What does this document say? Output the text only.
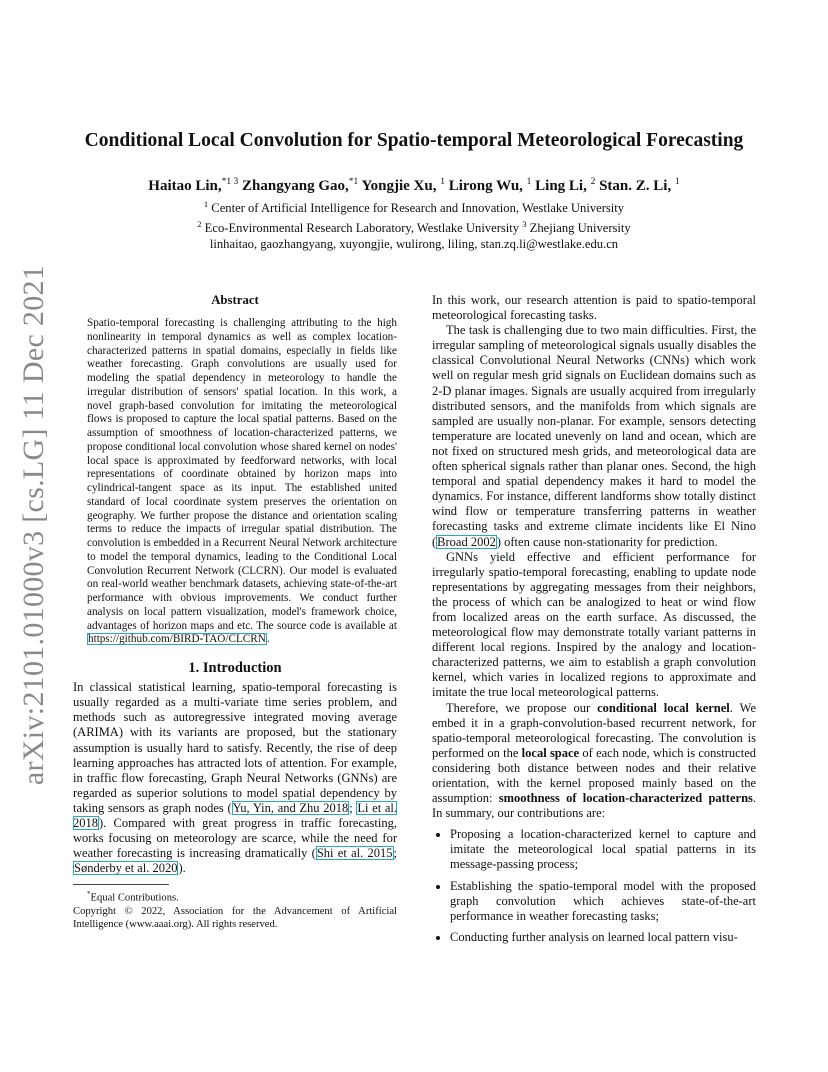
arXiv:2101.01000v3 [cs.LG] 11 Dec 2021
Conditional Local Convolution for Spatio-temporal Meteorological Forecasting
Haitao Lin,$^{*1 3}$ Zhangyang Gao,$^{*1}$ Yongjie Xu, $^1$ Lirong Wu, $^1$ Ling Li, $^2$ Stan. Z. Li, $^1$
$^1$ Center of Artificial Intelligence for Research and Innovation, Westlake University
$^2$ Eco-Environmental Research Laboratory, Westlake University $^3$ Zhejiang University
linhaitao, gaozhangyang, xuyongjie, wulirong, liling, stan.zq.li@westlake.edu.cn
Abstract

Spatio-temporal forecasting is challenging attributing to the high nonlinearity in temporal dynamics as well as complex location-characterized patterns in spatial domains, especially in fields like weather forecasting. Graph convolutions are usually used for modeling the spatial dependency in meteorology to handle the irregular distribution of sensors' spatial location. In this work, a novel graph-based convolution for imitating the meteorological flows is proposed to capture the local spatial patterns. Based on the assumption of smoothness of location-characterized patterns, we propose conditional local convolution whose shared kernel on nodes' local space is approximated by feedforward networks, with local representations of coordinate obtained by horizon maps into cylindrical-tangent space as its input. The established united standard of local coordinate system preserves the orientation on geography. We further propose the distance and orientation scaling terms to reduce the impacts of irregular spatial distribution. The convolution is embedded in a Recurrent Neural Network architecture to model the temporal dynamics, leading to the Conditional Local Convolution Recurrent Network (CLCRN). Our model is evaluated on real-world weather benchmark datasets, achieving state-of-the-art performance with obvious improvements. We conduct further analysis on local pattern visualization, model's framework choice, advantages of horizon maps and etc. The source code is available at https://github.com/BIRD-TAO/CLCRN.

1. Introduction

In classical statistical learning, spatio-temporal forecasting is usually regarded as a multi-variate time series problem, and methods such as autoregressive integrated moving average (ARIMA) with its variants are proposed, but the stationary assumption is usually hard to satisfy. Recently, the rise of deep learning approaches has attracted lots of attention. For example, in traffic flow forecasting, Graph Neural Networks (GNNs) are regarded as superior solutions to model spatial dependency by taking sensors as graph nodes (Yu, Yin, and Zhu 2018; Li et al. 2018). Compared with great progress in traffic forecasting, works focusing on meteorology are scarce, while the need for weather forecasting is increasing dramatically (Shi et al. 2015; Sønderby et al. 2020).

*Equal Contributions.

Copyright © 2022, Association for the Advancement of Artificial Intelligence (www.aaai.org). All rights reserved.

In this work, our research attention is paid to spatio-temporal meteorological forecasting tasks.

The task is challenging due to two main difficulties. First, the irregular sampling of meteorological signals usually disables the classical Convolutional Neural Networks (CNNs) which work well on regular mesh grid signals on Euclidean domains such as 2-D planar images. Signals are usually acquired from irregularly distributed sensors, and the manifolds from which signals are sampled are usually non-planar. For example, sensors detecting temperature are located unevenly on land and ocean, which are not fixed on structured mesh grids, and meteorological data are often spherical signals rather than planar ones. Second, the high temporal and spatial dependency makes it hard to model the dynamics. For instance, different landforms show totally distinct wind flow or temperature transferring patterns in weather forecasting tasks and extreme climate incidents like El Nino (Broad 2002) often cause non-stationarity for prediction.

GNNs yield effective and efficient performance for irregularly spatio-temporal forecasting, enabling to update node representations by aggregating messages from their neighbors, the process of which can be analogized to heat or wind flow from localized areas on the earth surface. As discussed, the meteorological flow may demonstrate totally variant patterns in different local regions. Inspired by the analogy and location-characterized patterns, we aim to establish a graph convolution kernel, which varies in localized regions to approximate and imitate the true local meteorological patterns.

Therefore, we propose our conditional local kernel. We embed it in a graph-convolution-based recurrent network, for spatio-temporal meteorological forecasting. The convolution is performed on the local space of each node, which is constructed considering both distance between nodes and their relative orientation, with the kernel proposed mainly based on the assumption: smoothness of location-characterized patterns. In summary, our contributions are:

• Proposing a location-characterized kernel to capture and imitate the meteorological local spatial patterns in its message-passing process;
• Establishing the spatio-temporal model with the proposed graph convolution which achieves state-of-the-art performance in weather forecasting tasks;
• Conducting further analysis on learned local pattern visu-
